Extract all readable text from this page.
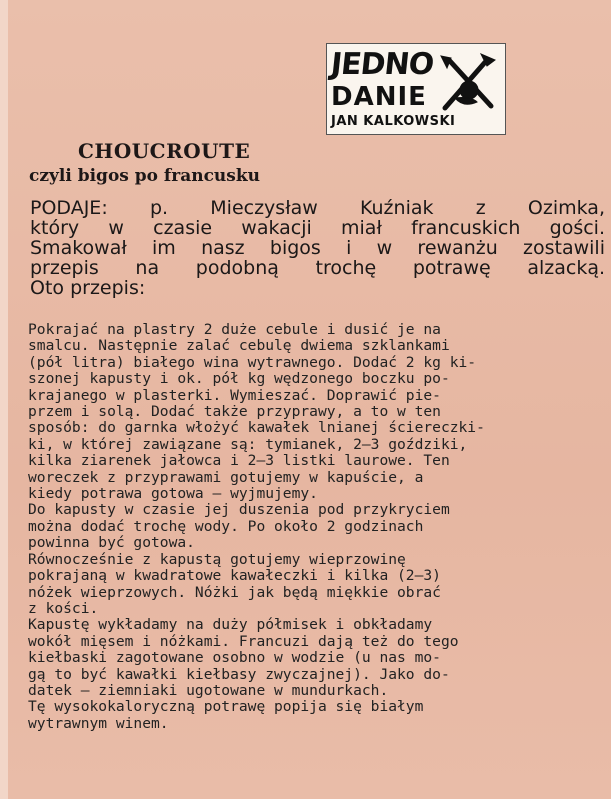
JEDNO
DANIE
JAN KALKOWSKI
CHOUCROUTE
czyli bigos po francusku
PODAJE: p. Mieczysław Kuźniak z Ozimka,
który w czasie wakacji miał francuskich gości.
Smakował im nasz bigos i w rewanżu zostawili
przepis na podobną trochę potrawę alzacką.
Oto przepis:
Pokrajać na plastry 2 duże cebule i dusić je na
smalcu. Następnie zalać cebulę dwiema szklankami
(pół litra) białego wina wytrawnego. Dodać 2 kg ki-
szonej kapusty i ok. pół kg wędzonego boczku po-
krajanego w plasterki. Wymieszać. Doprawić pie-
przem i solą. Dodać także przyprawy, a to w ten
sposób: do garnka włożyć kawałek lnianej ściereczki-
ki, w której zawiązane są: tymianek, 2—3 goździki,
kilka ziarenek jałowca i 2—3 listki laurowe. Ten
woreczek z przyprawami gotujemy w kapuście, a
kiedy potrawa gotowa — wyjmujemy.
Do kapusty w czasie jej duszenia pod przykryciem
można dodać trochę wody. Po około 2 godzinach
powinna być gotowa.
Równocześnie z kapustą gotujemy wieprzowinę
pokrajaną w kwadratowe kawałeczki i kilka (2—3)
nóżek wieprzowych. Nóżki jak będą miękkie obrać
z kości.
Kapustę wykładamy na duży półmisek i obkładamy
wokół mięsem i nóżkami. Francuzi dają też do tego
kiełbaski zagotowane osobno w wodzie (u nas mo-
gą to być kawałki kiełbasy zwyczajnej). Jako do-
datek — ziemniaki ugotowane w mundurkach.
Tę wysokokaloryczną potrawę popija się białym
wytrawnym winem.
